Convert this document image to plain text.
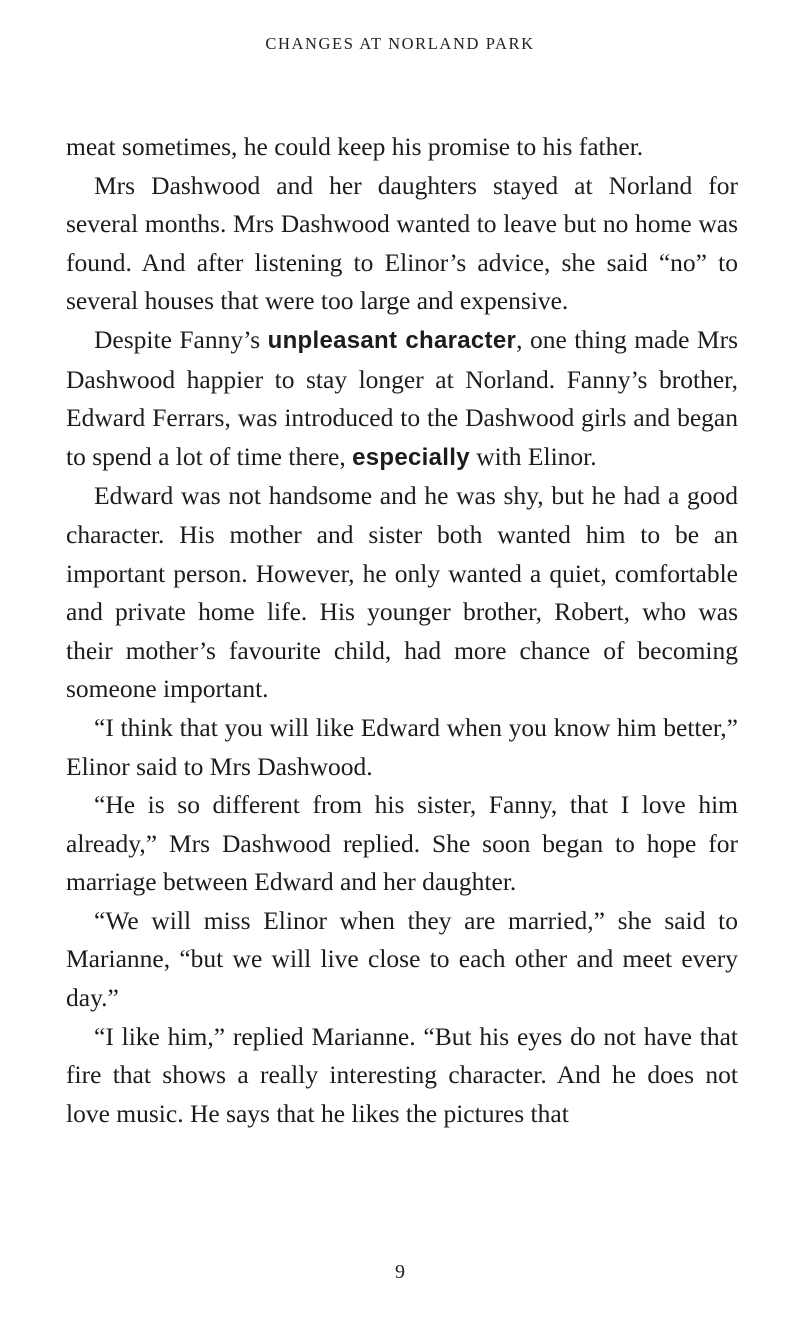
CHANGES AT NORLAND PARK

meat sometimes, he could keep his promise to his father.

Mrs Dashwood and her daughters stayed at Norland for several months. Mrs Dashwood wanted to leave but no home was found. And after listening to Elinor’s advice, she said “no” to several houses that were too large and expensive.

Despite Fanny’s unpleasant character, one thing made Mrs Dashwood happier to stay longer at Norland. Fanny’s brother, Edward Ferrars, was introduced to the Dashwood girls and began to spend a lot of time there, especially with Elinor.

Edward was not handsome and he was shy, but he had a good character. His mother and sister both wanted him to be an important person. However, he only wanted a quiet, comfortable and private home life. His younger brother, Robert, who was their mother’s favourite child, had more chance of becoming someone important.

“I think that you will like Edward when you know him better,” Elinor said to Mrs Dashwood.

“He is so different from his sister, Fanny, that I love him already,” Mrs Dashwood replied. She soon began to hope for marriage between Edward and her daughter.

“We will miss Elinor when they are married,” she said to Marianne, “but we will live close to each other and meet every day.”

“I like him,” replied Marianne. “But his eyes do not have that fire that shows a really interesting character. And he does not love music. He says that he likes the pictures that

9
